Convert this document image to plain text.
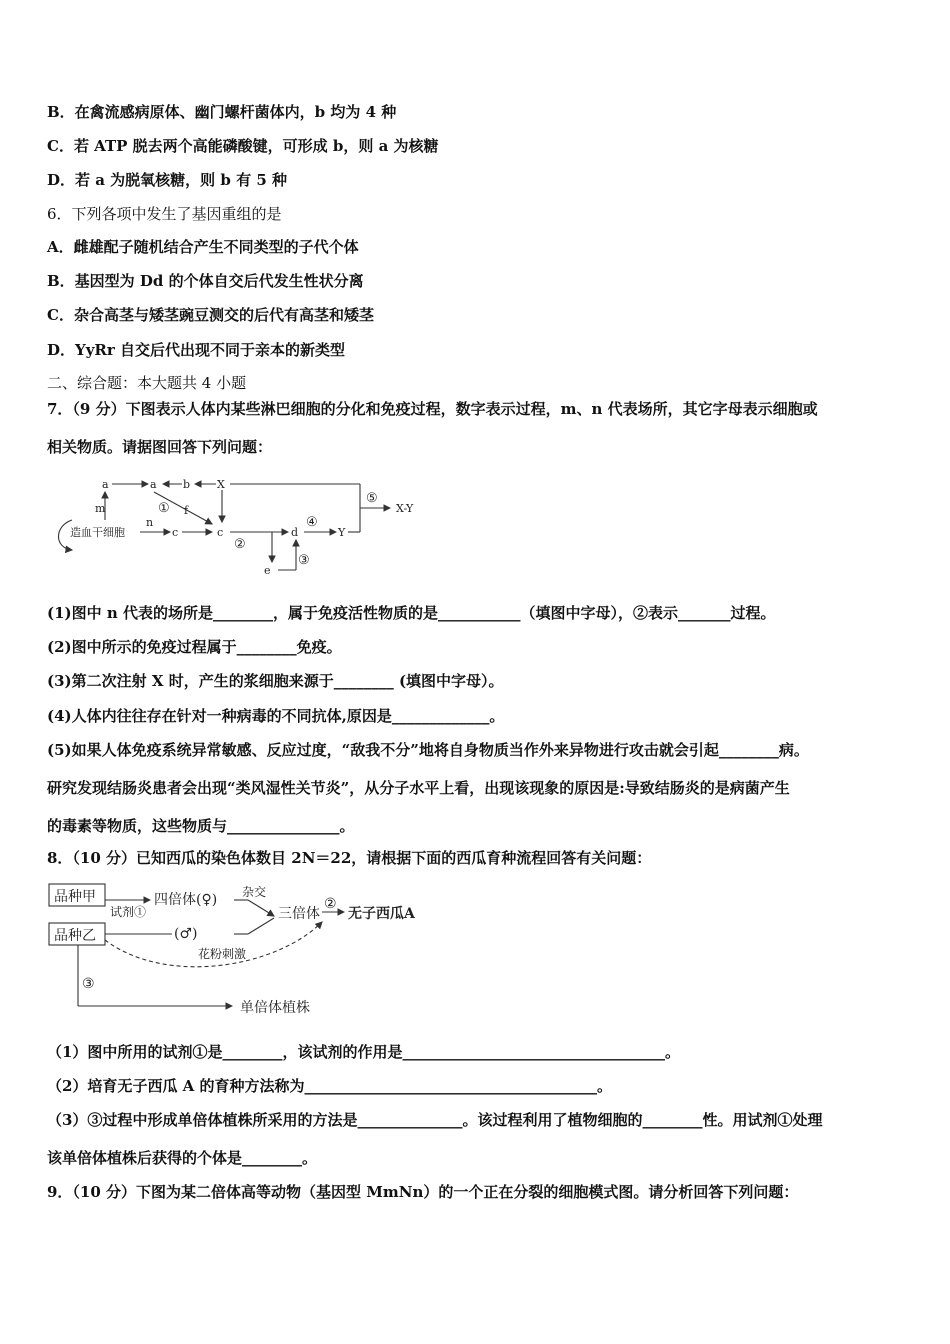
B．在禽流感病原体、幽门螺杆菌体内，b 均为 4 种
C．若 ATP 脱去两个高能磷酸键，可形成 b，则 a 为核糖
D．若 a 为脱氧核糖，则 b 有 5 种
6．下列各项中发生了基因重组的是
A．雌雄配子随机结合产生不同类型的子代个体
B．基因型为 Dd 的个体自交后代发生性状分离
C．杂合高茎与矮茎豌豆测交的后代有高茎和矮茎
D．YyRr 自交后代出现不同于亲本的新类型
二、综合题：本大题共 4 小题
7．（9 分）下图表示人体内某些淋巴细胞的分化和免疫过程，数字表示过程，m、n 代表场所，其它字母表示细胞或
相关物质。请据图回答下列问题：
造血干细胞
a	a b X
m
n
c	c	d
e
f
Y
①
②
③
④
⑤
X-Y
(1)图中 n 代表的场所是________，属于免疫活性物质的是___________（填图中字母），②表示_______过程。
(2)图中所示的免疫过程属于________免疫。
(3)第二次注射 X 时，产生的浆细胞来源于________ (填图中字母）。
(4)人体内往往存在针对一种病毒的不同抗体,原因是_____________。
(5)如果人体免疫系统异常敏感、反应过度，“敌我不分”地将自身物质当作外来异物进行攻击就会引起________病。
研究发现结肠炎患者会出现“类风湿性关节炎”，从分子水平上看，出现该现象的原因是:导致结肠炎的是病菌产生
的毒素等物质，这些物质与_______________。
8．（10 分）已知西瓜的染色体数目 2N＝22，请根据下面的西瓜育种流程回答有关问题：
品种甲
品种乙
试剂①
四倍体(♀)
(♂)
杂交
三倍体
②
无子西瓜A
花粉刺激
③
单倍体植株
（1）图中所用的试剂①是________，该试剂的作用是___________________________________。
（2）培育无子西瓜 A 的育种方法称为_______________________________________。
（3）③过程中形成单倍体植株所采用的方法是______________。该过程利用了植物细胞的________性。用试剂①处理
该单倍体植株后获得的个体是________。
9．（10 分）下图为某二倍体高等动物（基因型 MmNn）的一个正在分裂的细胞模式图。请分析回答下列问题：
